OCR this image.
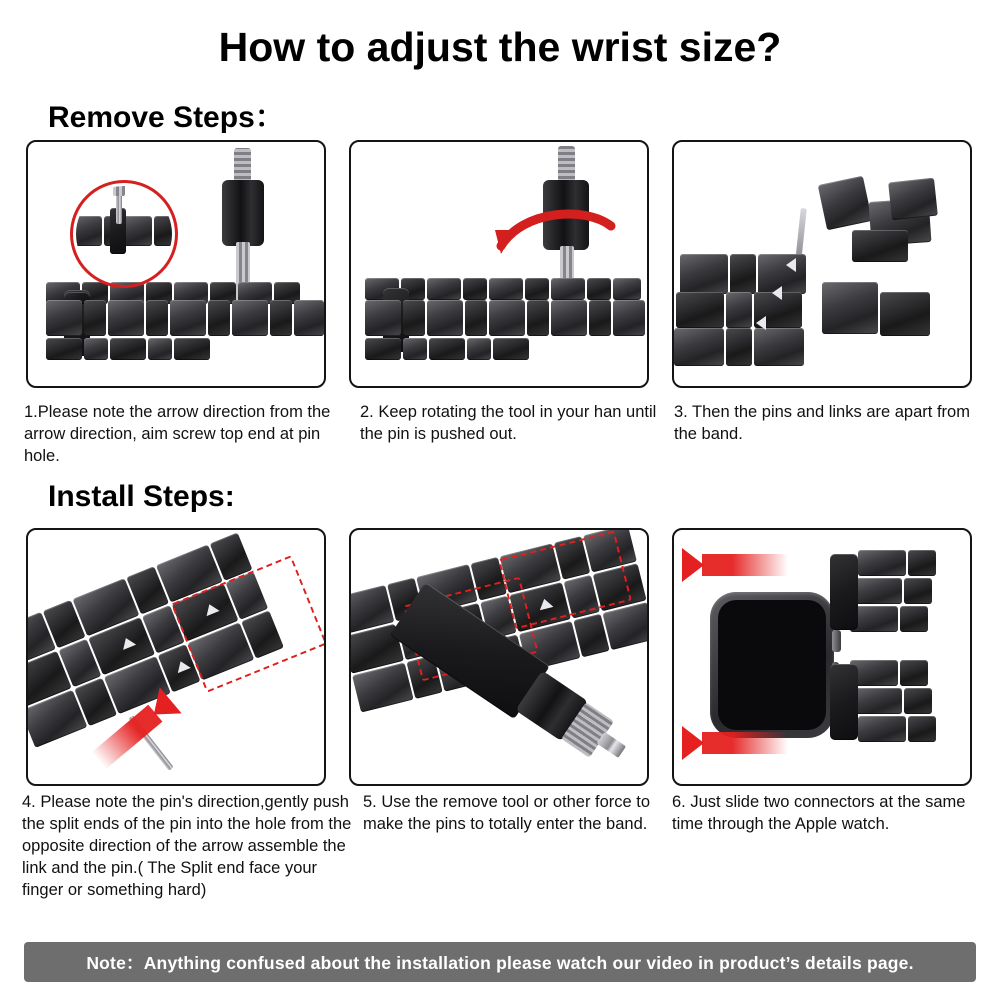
How to adjust the wrist size?
Remove Steps：
1.Please note the arrow direction from the arrow direction, aim screw top end at pin hole.
2. Keep rotating the tool in your han until the pin is pushed out.
3. Then the pins and links are apart from the band.
Install Steps:
4. Please note the pin's direction,gently push the split ends of the pin into the hole from the opposite direction of the arrow assemble the link and the pin.( The Split end face your finger or something hard)
5. Use the remove tool or other force to make the pins to totally enter the band.
6. Just slide two connectors at the same time through the Apple watch.
Note：Anything confused about the installation please watch our video in product’s details page.
